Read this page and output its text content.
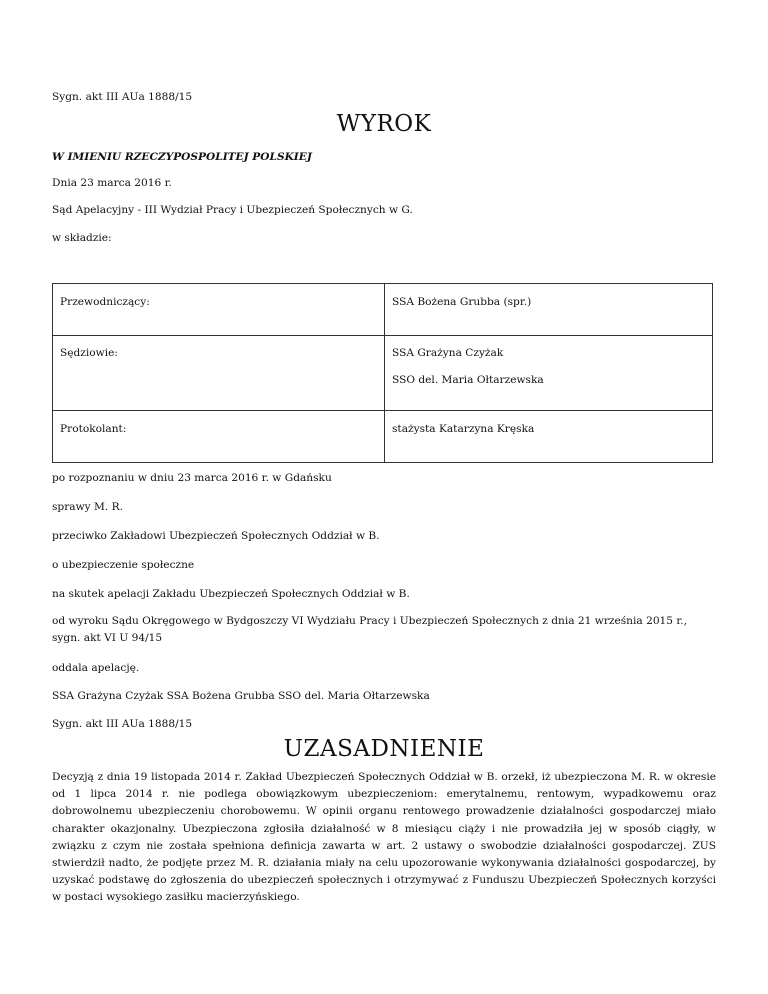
Sygn. akt III AUa 1888/15
WYROK
W IMIENIU RZECZYPOSPOLITEJ POLSKIEJ
Dnia 23 marca 2016 r.
Sąd Apelacyjny - III Wydział Pracy i Ubezpieczeń Społecznych w G.
w składzie:
Przewodniczący:	SSA Bożena Grubba (spr.)

Sędziowie:	SSA Grażyna Czyżak
SSO del. Maria Ołtarzewska

Protokolant:	stażysta Katarzyna Kręska
po rozpoznaniu w dniu 23 marca 2016 r. w Gdańsku
sprawy M. R.
przeciwko Zakładowi Ubezpieczeń Społecznych Oddział w B.
o ubezpieczenie społeczne
na skutek apelacji Zakładu Ubezpieczeń Społecznych Oddział w B.
od wyroku Sądu Okręgowego w Bydgoszczy VI Wydziału Pracy i Ubezpieczeń Społecznych z dnia 21 września 2015 r., sygn. akt VI U 94/15
oddala apelację.
SSA Grażyna Czyżak SSA Bożena Grubba SSO del. Maria Ołtarzewska
Sygn. akt III AUa 1888/15
UZASADNIENIE
Decyzją z dnia 19 listopada 2014 r. Zakład Ubezpieczeń Społecznych Oddział w B. orzekł, iż ubezpieczona M. R. w okresie od 1 lipca 2014 r. nie podlega obowiązkowym ubezpieczeniom: emerytalnemu, rentowym, wypadkowemu oraz dobrowolnemu ubezpieczeniu chorobowemu. W opinii organu rentowego prowadzenie działalności gospodarczej miało charakter okazjonalny. Ubezpieczona zgłosiła działalność w 8 miesiącu ciąży i nie prowadziła jej w sposób ciągły, w związku z czym nie została spełniona definicja zawarta w art. 2 ustawy o swobodzie działalności gospodarczej. ZUS stwierdził nadto, że podjęte przez M. R. działania miały na celu upozorowanie wykonywania działalności gospodarczej, by uzyskać podstawę do zgłoszenia do ubezpieczeń społecznych i otrzymywać z Funduszu Ubezpieczeń Społecznych korzyści w postaci wysokiego zasiłku macierzyńskiego.
